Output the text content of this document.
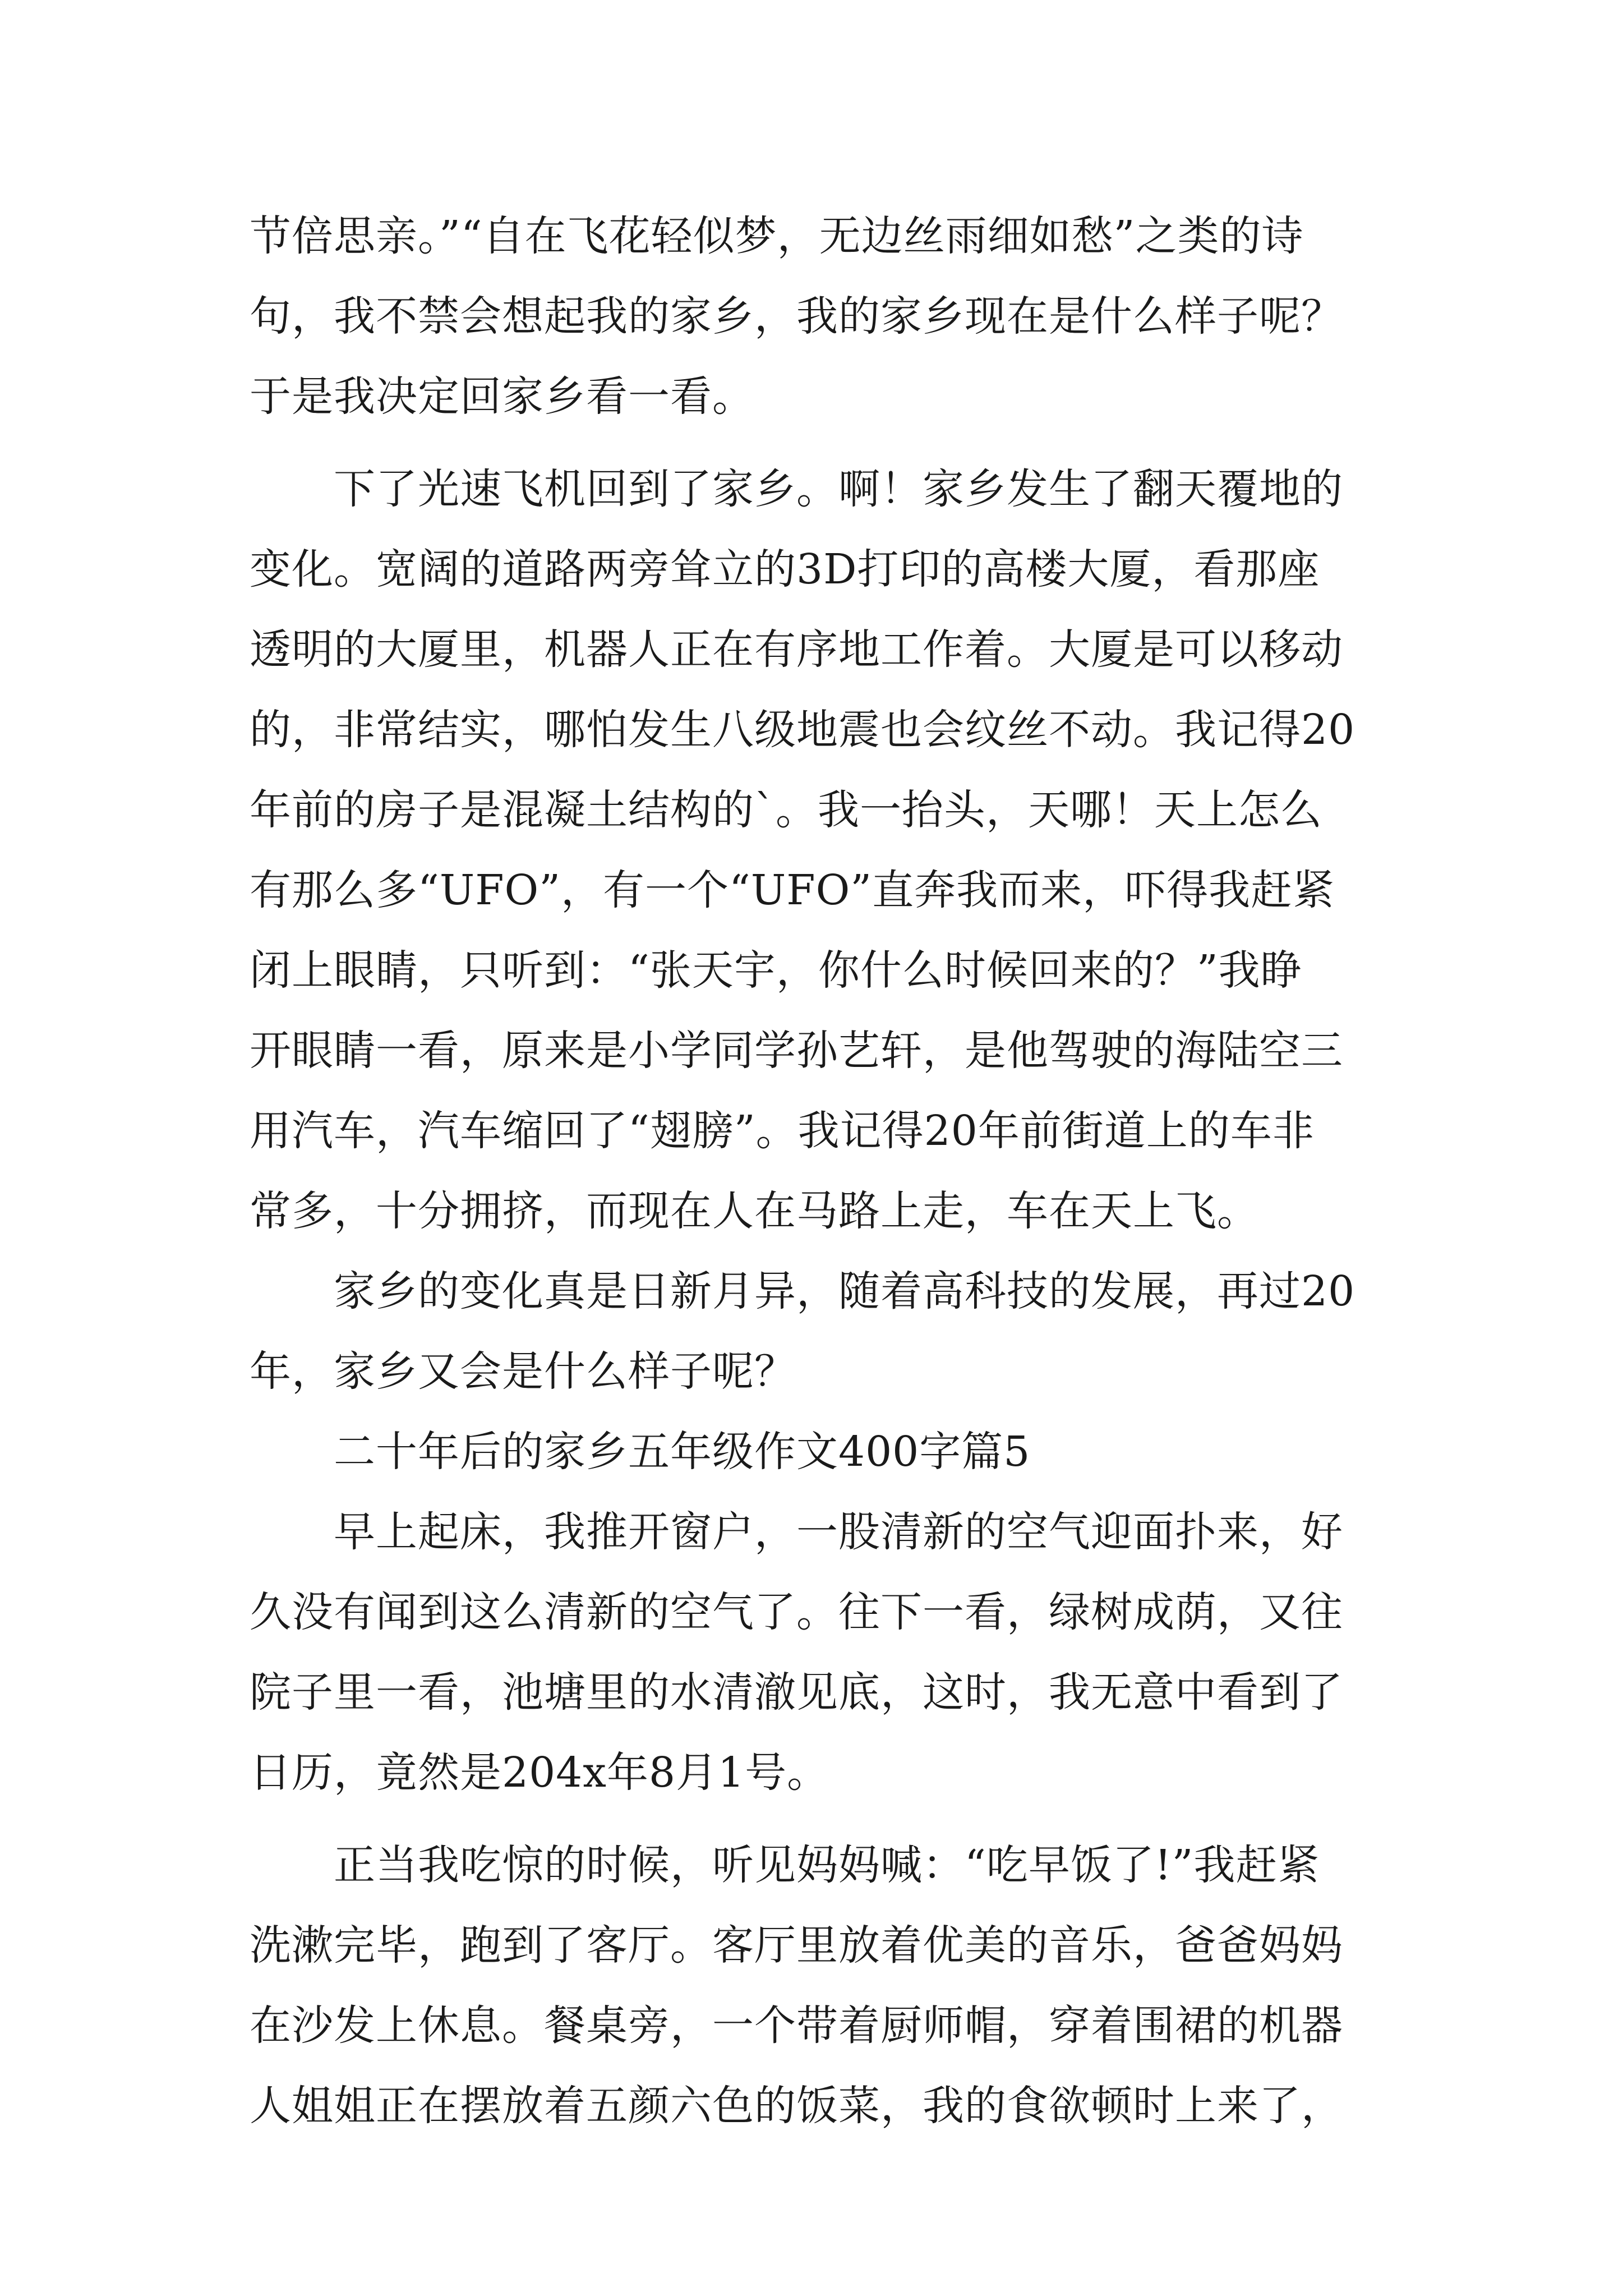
节倍思亲。”“自在飞花轻似梦，无边丝雨细如愁”之类的诗
句，我不禁会想起我的家乡，我的家乡现在是什么样子呢？
于是我决定回家乡看一看。
　　下了光速飞机回到了家乡。啊！家乡发生了翻天覆地的
变化。宽阔的道路两旁耸立的3D打印的高楼大厦，看那座
透明的大厦里，机器人正在有序地工作着。大厦是可以移动
的，非常结实，哪怕发生八级地震也会纹丝不动。我记得20
年前的房子是混凝土结构的`。我一抬头，天哪！天上怎么
有那么多“UFO”，有一个“UFO”直奔我而来，吓得我赶紧
闭上眼睛，只听到：“张天宇，你什么时候回来的？”我睁
开眼睛一看，原来是小学同学孙艺轩，是他驾驶的海陆空三
用汽车，汽车缩回了“翅膀”。我记得20年前街道上的车非
常多，十分拥挤，而现在人在马路上走，车在天上飞。
　　家乡的变化真是日新月异，随着高科技的发展，再过20
年，家乡又会是什么样子呢？
　　二十年后的家乡五年级作文400字篇5
　　早上起床，我推开窗户，一股清新的空气迎面扑来，好
久没有闻到这么清新的空气了。往下一看，绿树成荫，又往
院子里一看，池塘里的水清澈见底，这时，我无意中看到了
日历，竟然是204x年8月1号。
　　正当我吃惊的时候，听见妈妈喊：“吃早饭了!”我赶紧
洗漱完毕，跑到了客厅。客厅里放着优美的音乐，爸爸妈妈
在沙发上休息。餐桌旁，一个带着厨师帽，穿着围裙的机器
人姐姐正在摆放着五颜六色的饭菜，我的食欲顿时上来了，
